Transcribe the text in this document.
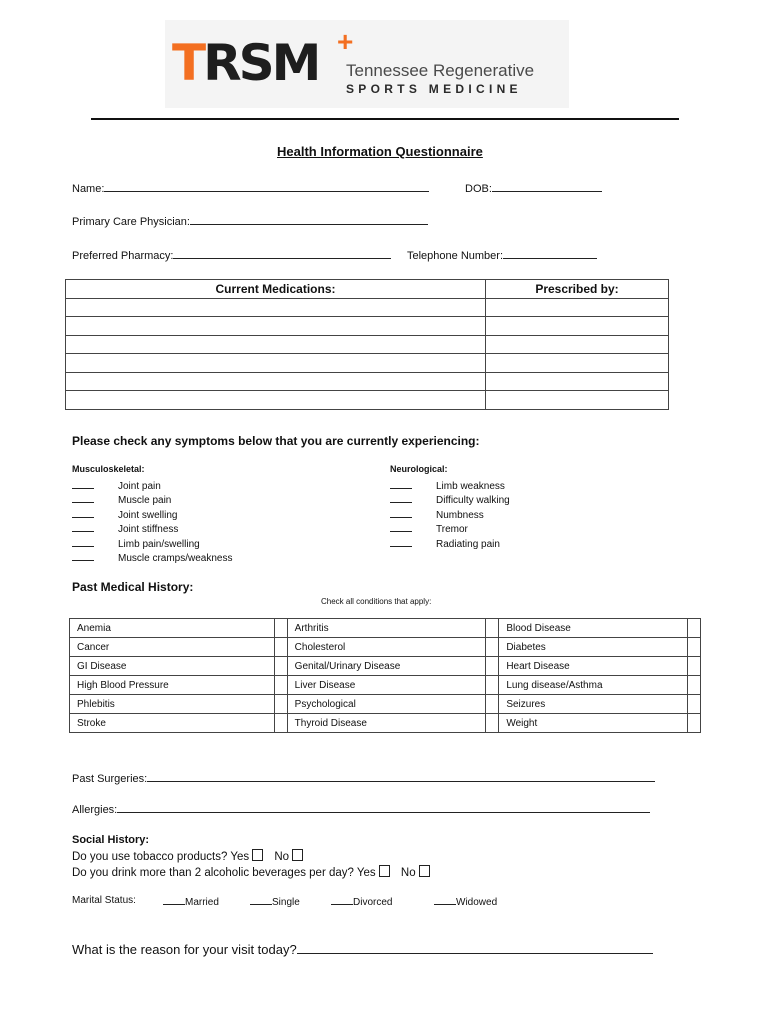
TRSM +
Tennessee Regenerative
SPORTS MEDICINE
Health Information Questionnaire
Name:	DOB:
Primary Care Physician:
Preferred Pharmacy:	Telephone Number:
Current Medications:	Prescribed by:

Please check any symptoms below that you are currently experiencing:
Musculoskeletal:
Joint pain
Muscle pain
Joint swelling
Joint stiffness
Limb pain/swelling
Muscle cramps/weakness
Neurological:
Limb weakness
Difficulty walking
Numbness
Tremor
Radiating pain
Past Medical History:
Check all conditions that apply:
Anemia		Arthritis		Blood Disease	
Cancer		Cholesterol		Diabetes	
GI Disease		Genital/Urinary Disease		Heart Disease	
High Blood Pressure		Liver Disease		Lung disease/Asthma	
Phlebitis		Psychological		Seizures	
Stroke		Thyroid Disease		Weight	
Past Surgeries:
Allergies:
Social History:
Do you use tobacco products? Yes No
Do you drink more than 2 alcoholic beverages per day? Yes No
Marital Status:	Married	Single	Divorced	Widowed
What is the reason for your visit today?
